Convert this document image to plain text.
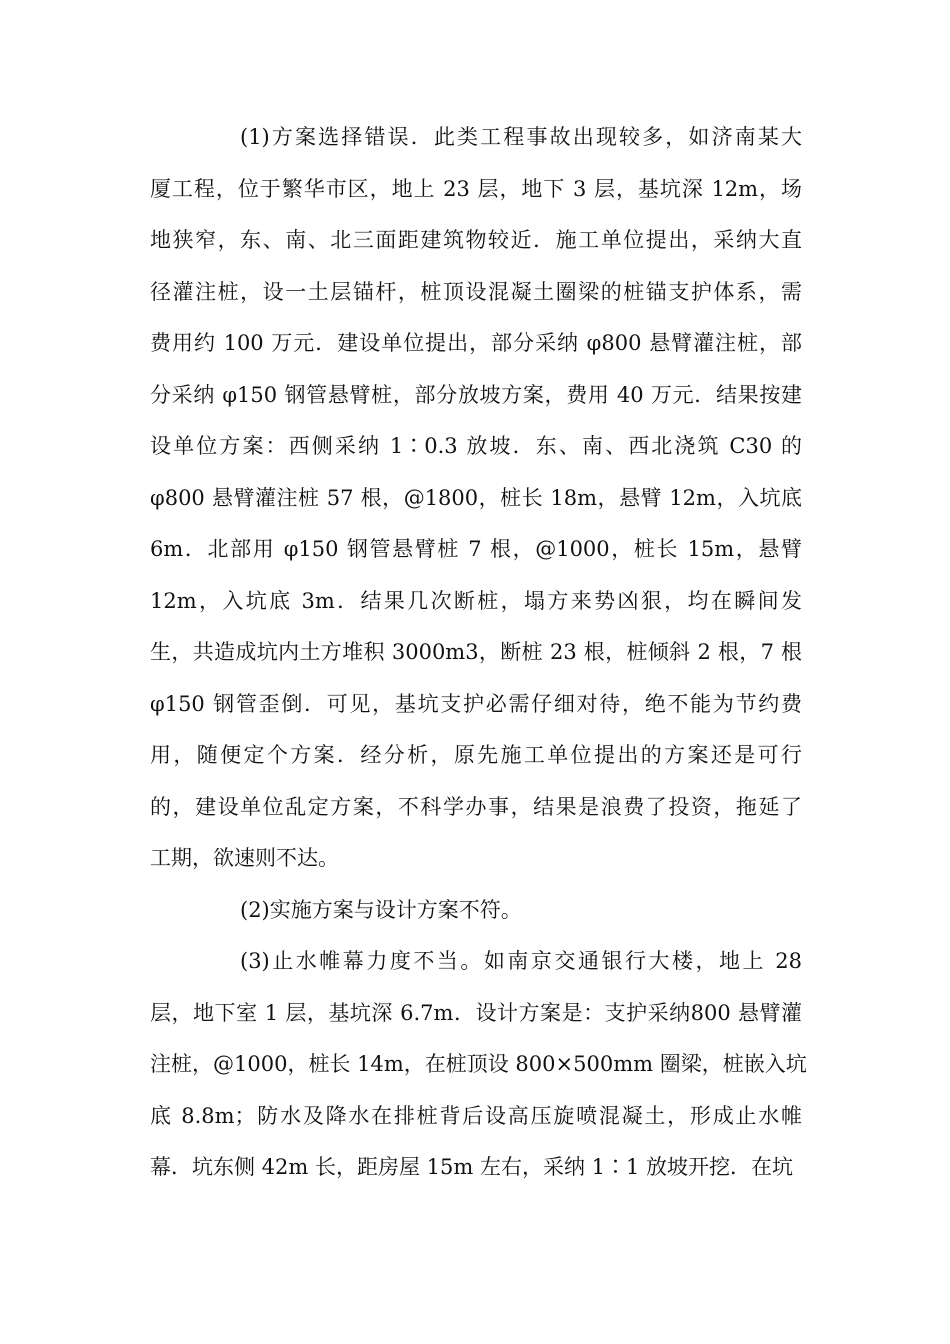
(1)方案选择错误．此类工程事故出现较多，如济南某大
厦工程，位于繁华市区，地上 23 层，地下 3 层，基坑深 12m，场
地狭窄，东、南、北三面距建筑物较近．施工单位提出，采纳大直
径灌注桩，设一土层锚杆，桩顶设混凝土圈梁的桩锚支护体系，需
费用约 100 万元．建设单位提出，部分采纳 φ800 悬臂灌注桩，部
分采纳 φ150 钢管悬臂桩，部分放坡方案，费用 40 万元．结果按建
设单位方案：西侧采纳 1∶0.3 放坡．东、南、西北浇筑 C30 的
φ800 悬臂灌注桩 57 根，@1800，桩长 18m，悬臂 12m，入坑底
6m．北部用 φ150 钢管悬臂桩 7 根，@1000，桩长 15m，悬臂
12m，入坑底 3m．结果几次断桩，塌方来势凶狠，均在瞬间发
生，共造成坑内土方堆积 3000m3，断桩 23 根，桩倾斜 2 根，7 根
φ150 钢管歪倒．可见，基坑支护必需仔细对待，绝不能为节约费
用，随便定个方案．经分析，原先施工单位提出的方案还是可行
的，建设单位乱定方案，不科学办事，结果是浪费了投资，拖延了
工期，欲速则不达。
(2)实施方案与设计方案不符。
(3)止水帷幕力度不当。如南京交通银行大楼，地上 28
层，地下室 1 层，基坑深 6.7m．设计方案是：支护采纳800 悬臂灌
注桩，@1000，桩长 14m，在桩顶设 800×500mm 圈梁，桩嵌入坑
底 8.8m；防水及降水在排桩背后设高压旋喷混凝土，形成止水帷
幕．坑东侧 42m 长，距房屋 15m 左右，采纳 1∶1 放坡开挖．在坑
